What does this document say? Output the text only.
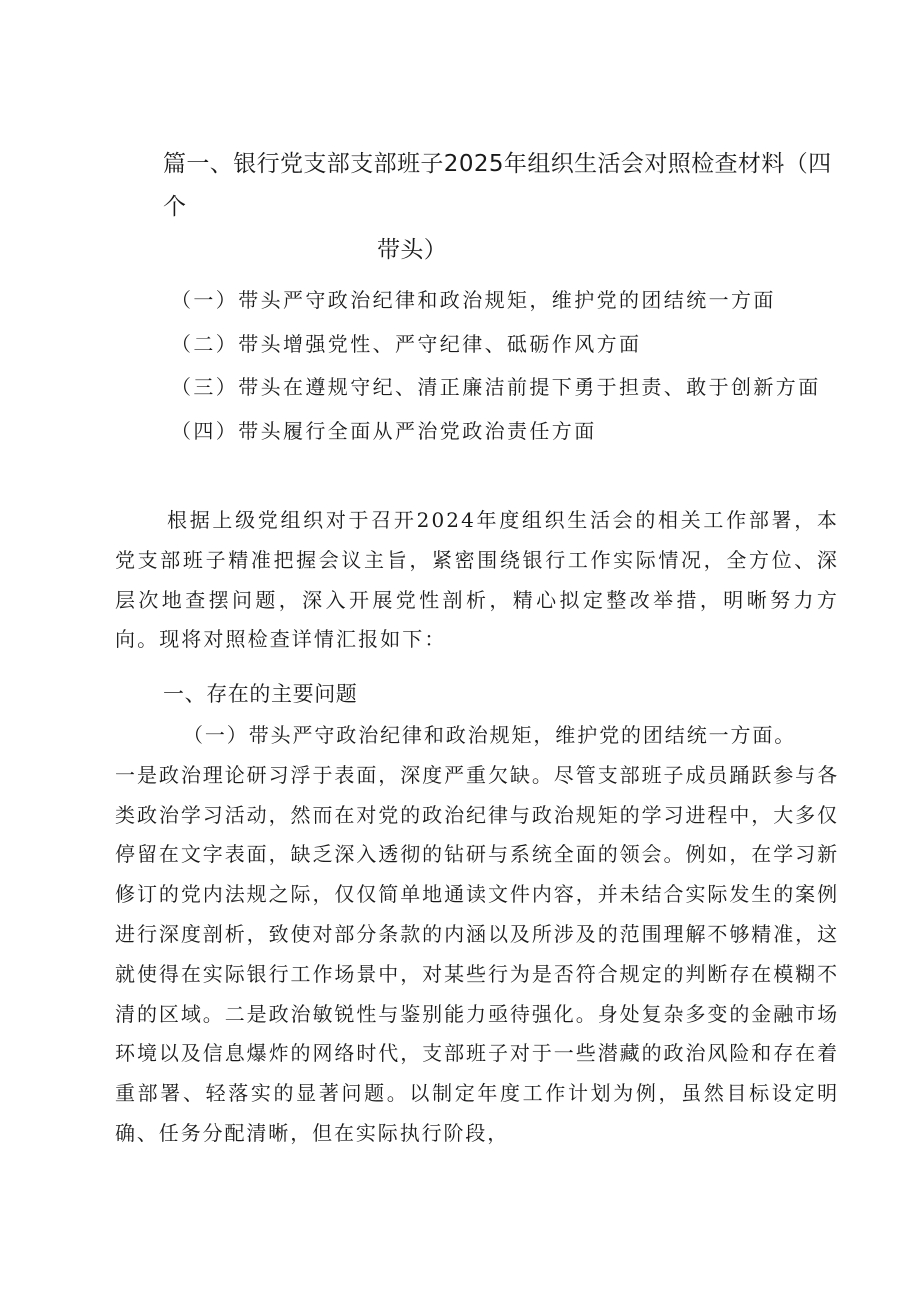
篇一、银行党支部支部班子2025年组织生活会对照检查材料（四个
带头）

（一）带头严守政治纪律和政治规矩，维护党的团结统一方面

（二）带头增强党性、严守纪律、砥砺作风方面

（三）带头在遵规守纪、清正廉洁前提下勇于担责、敢于创新方面

（四）带头履行全面从严治党政治责任方面

根据上级党组织对于召开2024年度组织生活会的相关工作部署，本党支部班子精准把握会议主旨，紧密围绕银行工作实际情况，全方位、深层次地查摆问题，深入开展党性剖析，精心拟定整改举措，明晰努力方向。现将对照检查详情汇报如下：

一、存在的主要问题

（一）带头严守政治纪律和政治规矩，维护党的团结统一方面。
一是政治理论研习浮于表面，深度严重欠缺。尽管支部班子成员踊跃参与各类政治学习活动，然而在对党的政治纪律与政治规矩的学习进程中，大多仅停留在文字表面，缺乏深入透彻的钻研与系统全面的领会。例如，在学习新修订的党内法规之际，仅仅简单地通读文件内容，并未结合实际发生的案例进行深度剖析，致使对部分条款的内涵以及所涉及的范围理解不够精准，这就使得在实际银行工作场景中，对某些行为是否符合规定的判断存在模糊不清的区域。二是政治敏锐性与鉴别能力亟待强化。身处复杂多变的金融市场环境以及信息爆炸的网络时代，支部班子对于一些潜藏的政治风险和存在着重部署、轻落实的显著问题。以制定年度工作计划为例，虽然目标设定明确、任务分配清晰，但在实际执行阶段，
